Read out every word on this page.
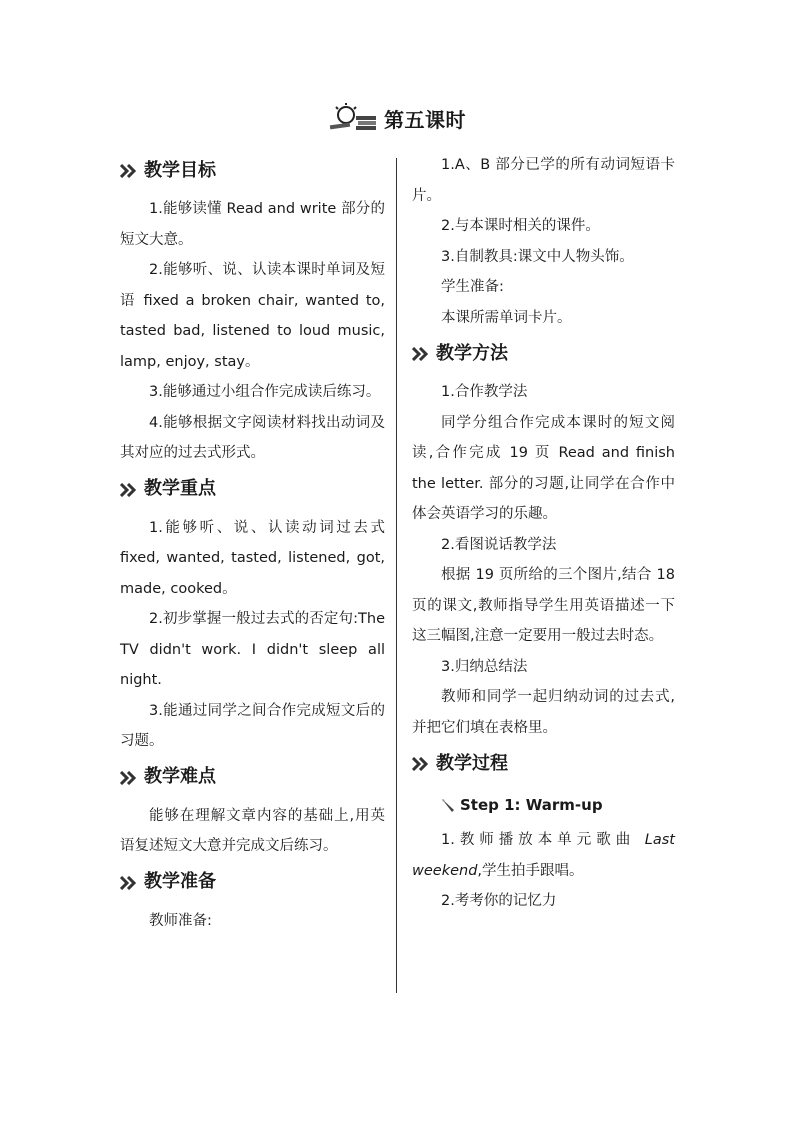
第五课时
教学目标

1.能够读懂 Read and write 部分的短文大意。

2.能够听、说、认读本课时单词及短语 fixed a broken chair, wanted to, tasted bad, listened to loud music, lamp, enjoy, stay。

3.能够通过小组合作完成读后练习。

4.能够根据文字阅读材料找出动词及其对应的过去式形式。

教学重点

1.能够听、说、认读动词过去式 fixed, wanted, tasted, listened, got, made, cooked。

2.初步掌握一般过去式的否定句:The TV didn't work. I didn't sleep all night.

3.能通过同学之间合作完成短文后的习题。

教学难点

能够在理解文章内容的基础上,用英语复述短文大意并完成文后练习。

教学准备

教师准备:

1.A、B 部分已学的所有动词短语卡片。

2.与本课时相关的课件。

3.自制教具:课文中人物头饰。

学生准备:

本课所需单词卡片。

教学方法

1.合作教学法

同学分组合作完成本课时的短文阅读,合作完成 19 页 Read and finish the letter. 部分的习题,让同学在合作中体会英语学习的乐趣。

2.看图说话教学法

根据 19 页所给的三个图片,结合 18 页的课文,教师指导学生用英语描述一下这三幅图,注意一定要用一般过去时态。

3.归纳总结法

教师和同学一起归纳动词的过去式,并把它们填在表格里。

教学过程
Step 1: Warm-up

1.教师播放本单元歌曲 Last weekend,学生拍手跟唱。

2.考考你的记忆力
